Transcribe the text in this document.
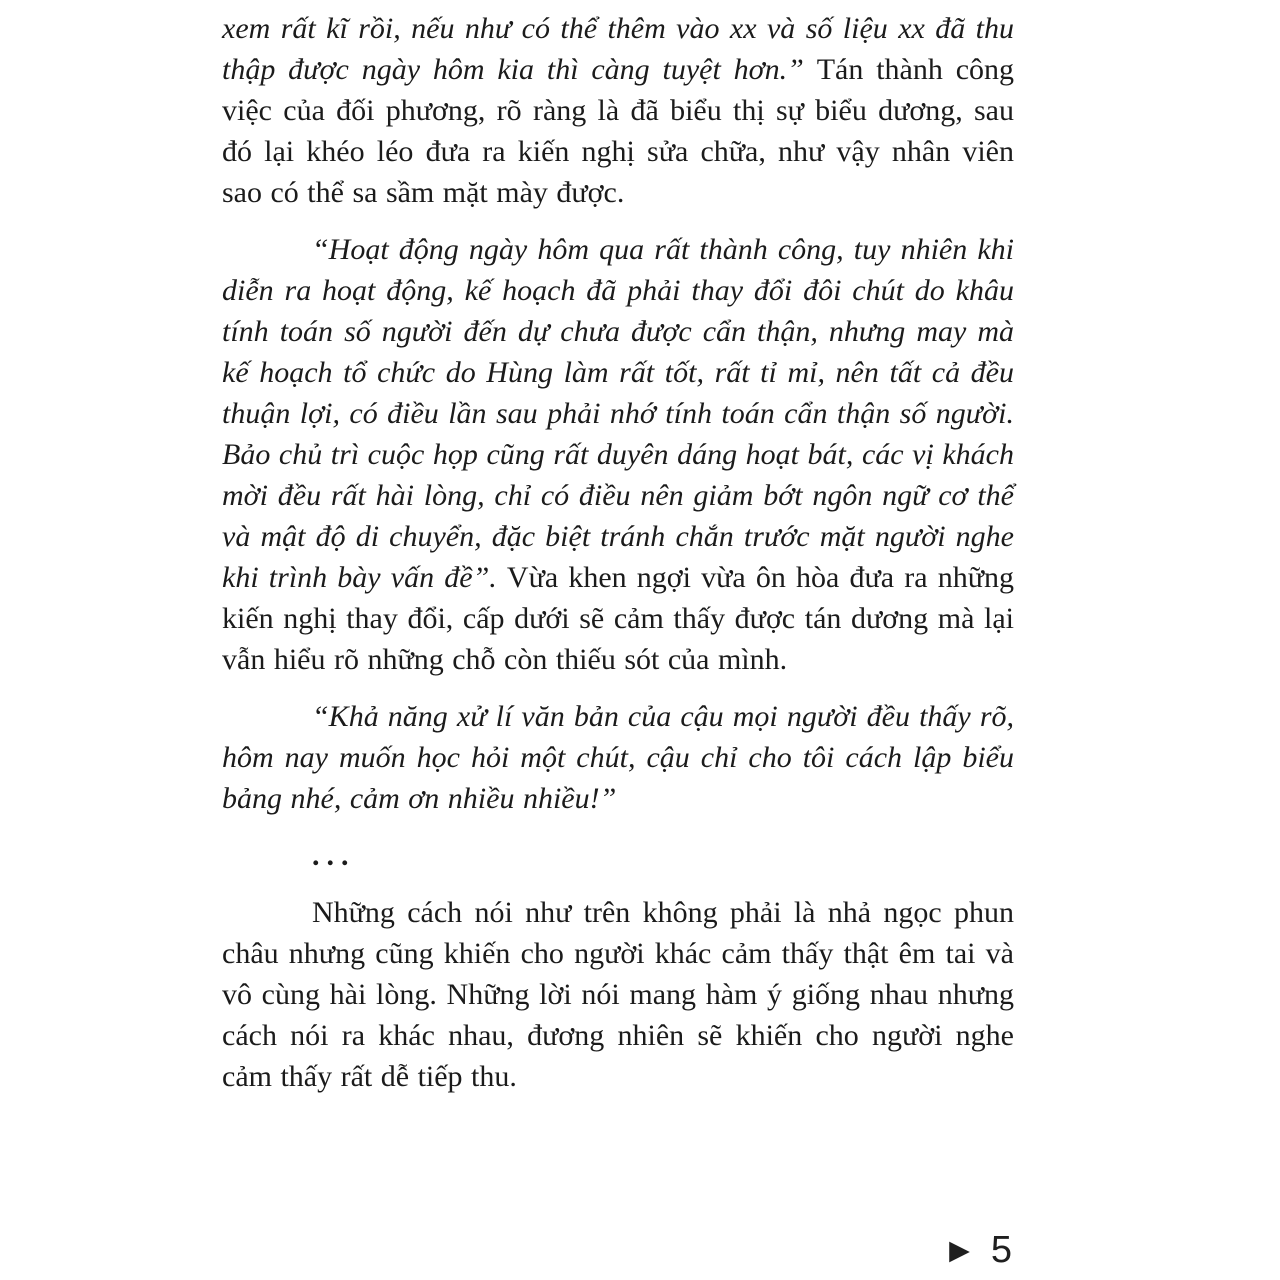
xem rất kĩ rồi, nếu như có thể thêm vào xx và số liệu xx đã thu thập được ngày hôm kia thì càng tuyệt hơn.” Tán thành công việc của đối phương, rõ ràng là đã biểu thị sự biểu dương, sau đó lại khéo léo đưa ra kiến nghị sửa chữa, như vậy nhân viên sao có thể sa sầm mặt mày được.

“Hoạt động ngày hôm qua rất thành công, tuy nhiên khi diễn ra hoạt động, kế hoạch đã phải thay đổi đôi chút do khâu tính toán số người đến dự chưa được cẩn thận, nhưng may mà kế hoạch tổ chức do Hùng làm rất tốt, rất tỉ mỉ, nên tất cả đều thuận lợi, có điều lần sau phải nhớ tính toán cẩn thận số người. Bảo chủ trì cuộc họp cũng rất duyên dáng hoạt bát, các vị khách mời đều rất hài lòng, chỉ có điều nên giảm bớt ngôn ngữ cơ thể và mật độ di chuyển, đặc biệt tránh chắn trước mặt người nghe khi trình bày vấn đề”. Vừa khen ngợi vừa ôn hòa đưa ra những kiến nghị thay đổi, cấp dưới sẽ cảm thấy được tán dương mà lại vẫn hiểu rõ những chỗ còn thiếu sót của mình.

“Khả năng xử lí văn bản của cậu mọi người đều thấy rõ, hôm nay muốn học hỏi một chút, cậu chỉ cho tôi cách lập biểu bảng nhé, cảm ơn nhiều nhiều!”

...

Những cách nói như trên không phải là nhả ngọc phun châu nhưng cũng khiến cho người khác cảm thấy thật êm tai và vô cùng hài lòng. Những lời nói mang hàm ý giống nhau nhưng cách nói ra khác nhau, đương nhiên sẽ khiến cho người nghe cảm thấy rất dễ tiếp thu.

▶ 5
